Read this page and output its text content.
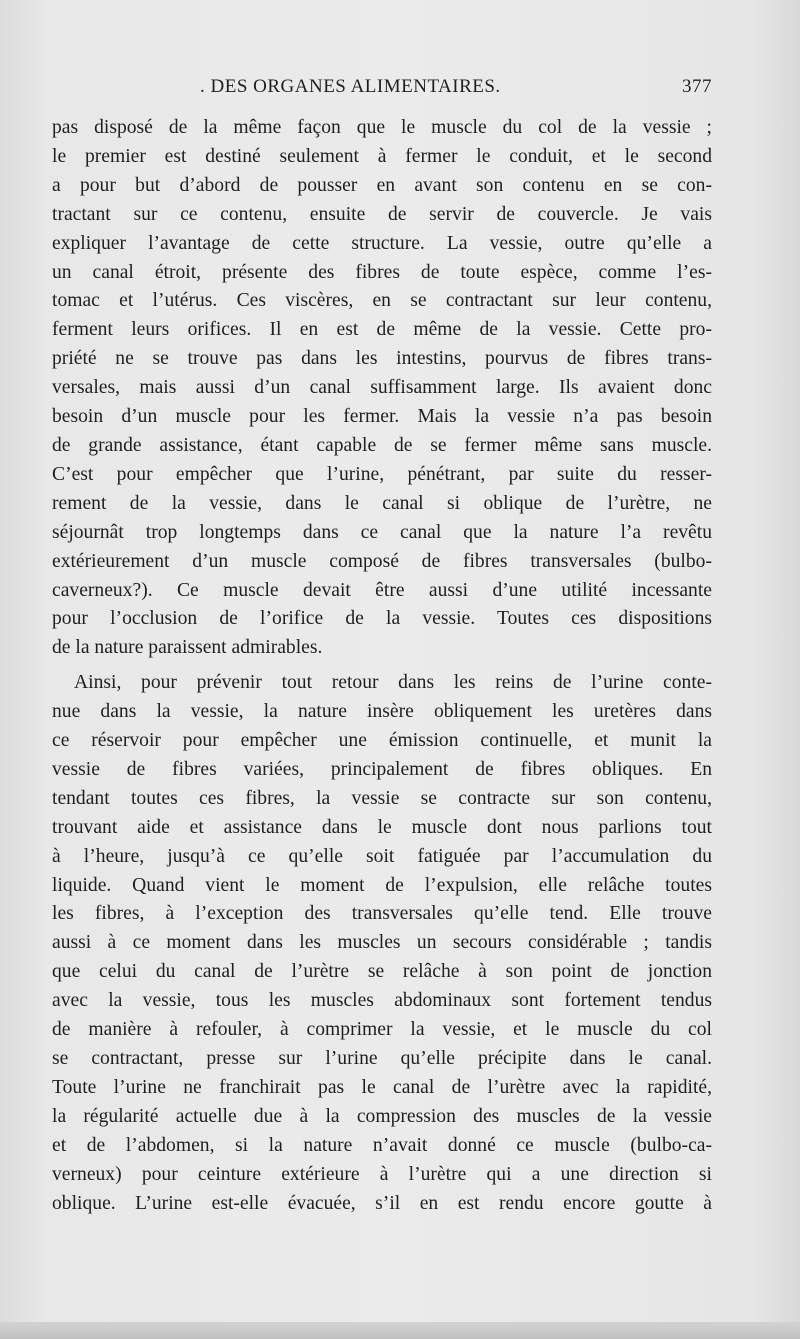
. DES ORGANES ALIMENTAIRES.	377
pas disposé de la même façon que le muscle du col de la vessie ;
le premier est destiné seulement à fermer le conduit, et le second
a pour but d’abord de pousser en avant son contenu en se con-
tractant sur ce contenu, ensuite de servir de couvercle. Je vais
expliquer l’avantage de cette structure. La vessie, outre qu’elle a
un canal étroit, présente des fibres de toute espèce, comme l’es-
tomac et l’utérus. Ces viscères, en se contractant sur leur contenu,
ferment leurs orifices. Il en est de même de la vessie. Cette pro-
priété ne se trouve pas dans les intestins, pourvus de fibres trans-
versales, mais aussi d’un canal suffisamment large. Ils avaient donc
besoin d’un muscle pour les fermer. Mais la vessie n’a pas besoin
de grande assistance, étant capable de se fermer même sans muscle.
C’est pour empêcher que l’urine, pénétrant, par suite du resser-
rement de la vessie, dans le canal si oblique de l’urètre, ne
séjournât trop longtemps dans ce canal que la nature l’a revêtu
extérieurement d’un muscle composé de fibres transversales (bulbo-
caverneux?). Ce muscle devait être aussi d’une utilité incessante
pour l’occlusion de l’orifice de la vessie. Toutes ces dispositions
de la nature paraissent admirables.
Ainsi, pour prévenir tout retour dans les reins de l’urine conte-
nue dans la vessie, la nature insère obliquement les uretères dans
ce réservoir pour empêcher une émission continuelle, et munit la
vessie de fibres variées, principalement de fibres obliques. En
tendant toutes ces fibres, la vessie se contracte sur son contenu,
trouvant aide et assistance dans le muscle dont nous parlions tout
à l’heure, jusqu’à ce qu’elle soit fatiguée par l’accumulation du
liquide. Quand vient le moment de l’expulsion, elle relâche toutes
les fibres, à l’exception des transversales qu’elle tend. Elle trouve
aussi à ce moment dans les muscles un secours considérable ; tandis
que celui du canal de l’urètre se relâche à son point de jonction
avec la vessie, tous les muscles abdominaux sont fortement tendus
de manière à refouler, à comprimer la vessie, et le muscle du col
se contractant, presse sur l’urine qu’elle précipite dans le canal.
Toute l’urine ne franchirait pas le canal de l’urètre avec la rapidité,
la régularité actuelle due à la compression des muscles de la vessie
et de l’abdomen, si la nature n’avait donné ce muscle (bulbo-ca-
verneux) pour ceinture extérieure à l’urètre qui a une direction si
oblique. L’urine est-elle évacuée, s’il en est rendu encore goutte à
